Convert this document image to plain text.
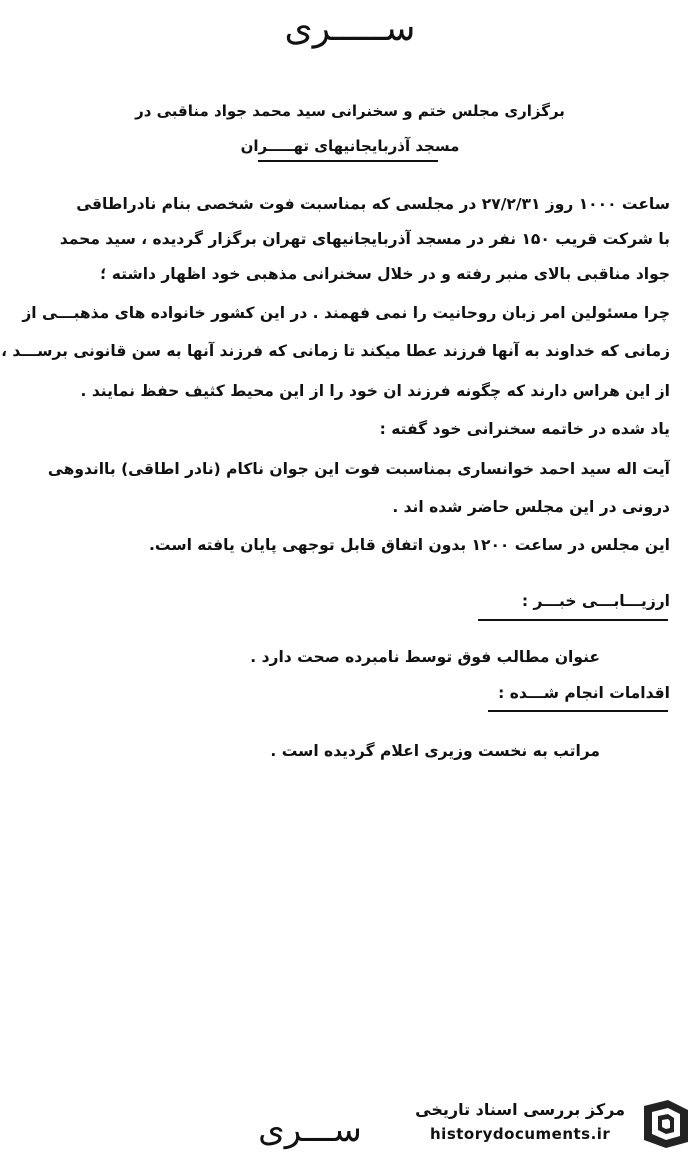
ســـــری
برگزاری مجلس ختم و سخنرانی سید محمد جواد مناقبی در
مسجد آذربایجانیهای تهـــــران
ساعت ۱۰۰۰ روز ۲۷/۲/۳۱ در مجلسی که بمناسبت فوت شخصی بنام نادراطاقی
با شرکت قریب ۱۵۰ نفر در مسجد آذربایجانیهای تهران برگزار گردیده ، سید محمد
جواد مناقبی بالای منبر رفته و در خلال سخنرانی مذهبی خود اظهار داشته ؛
چرا مسئولین امر زبان روحانیت را نمی فهمند . در این کشور خانواده های مذهبـــی از
زمانی که خداوند به آنها فرزند عطا میکند تا زمانی که فرزند آنها به سن قانونی برســـد ،
از این هراس دارند که چگونه فرزند ان خود را از این محیط کثیف حفظ نمایند .
یاد شده در خاتمه سخنرانی خود گفته :
آیت اله سید احمد خوانساری بمناسبت فوت این جوان ناکام (نادر اطاقی) بااندوهی
درونی در این مجلس حاضر شده اند .
این مجلس در ساعت ۱۲۰۰ بدون اتفاق قابل توجهی پایان یافته است.
ارزیـــابـــی خبـــر :
عنوان مطالب فوق توسط نامبرده صحت دارد .
اقدامات انجام شـــده :
مراتب به نخست وزیری اعلام گردیده است .
ســـری
مرکز بررسی اسناد تاریخی
historydocuments.ir
